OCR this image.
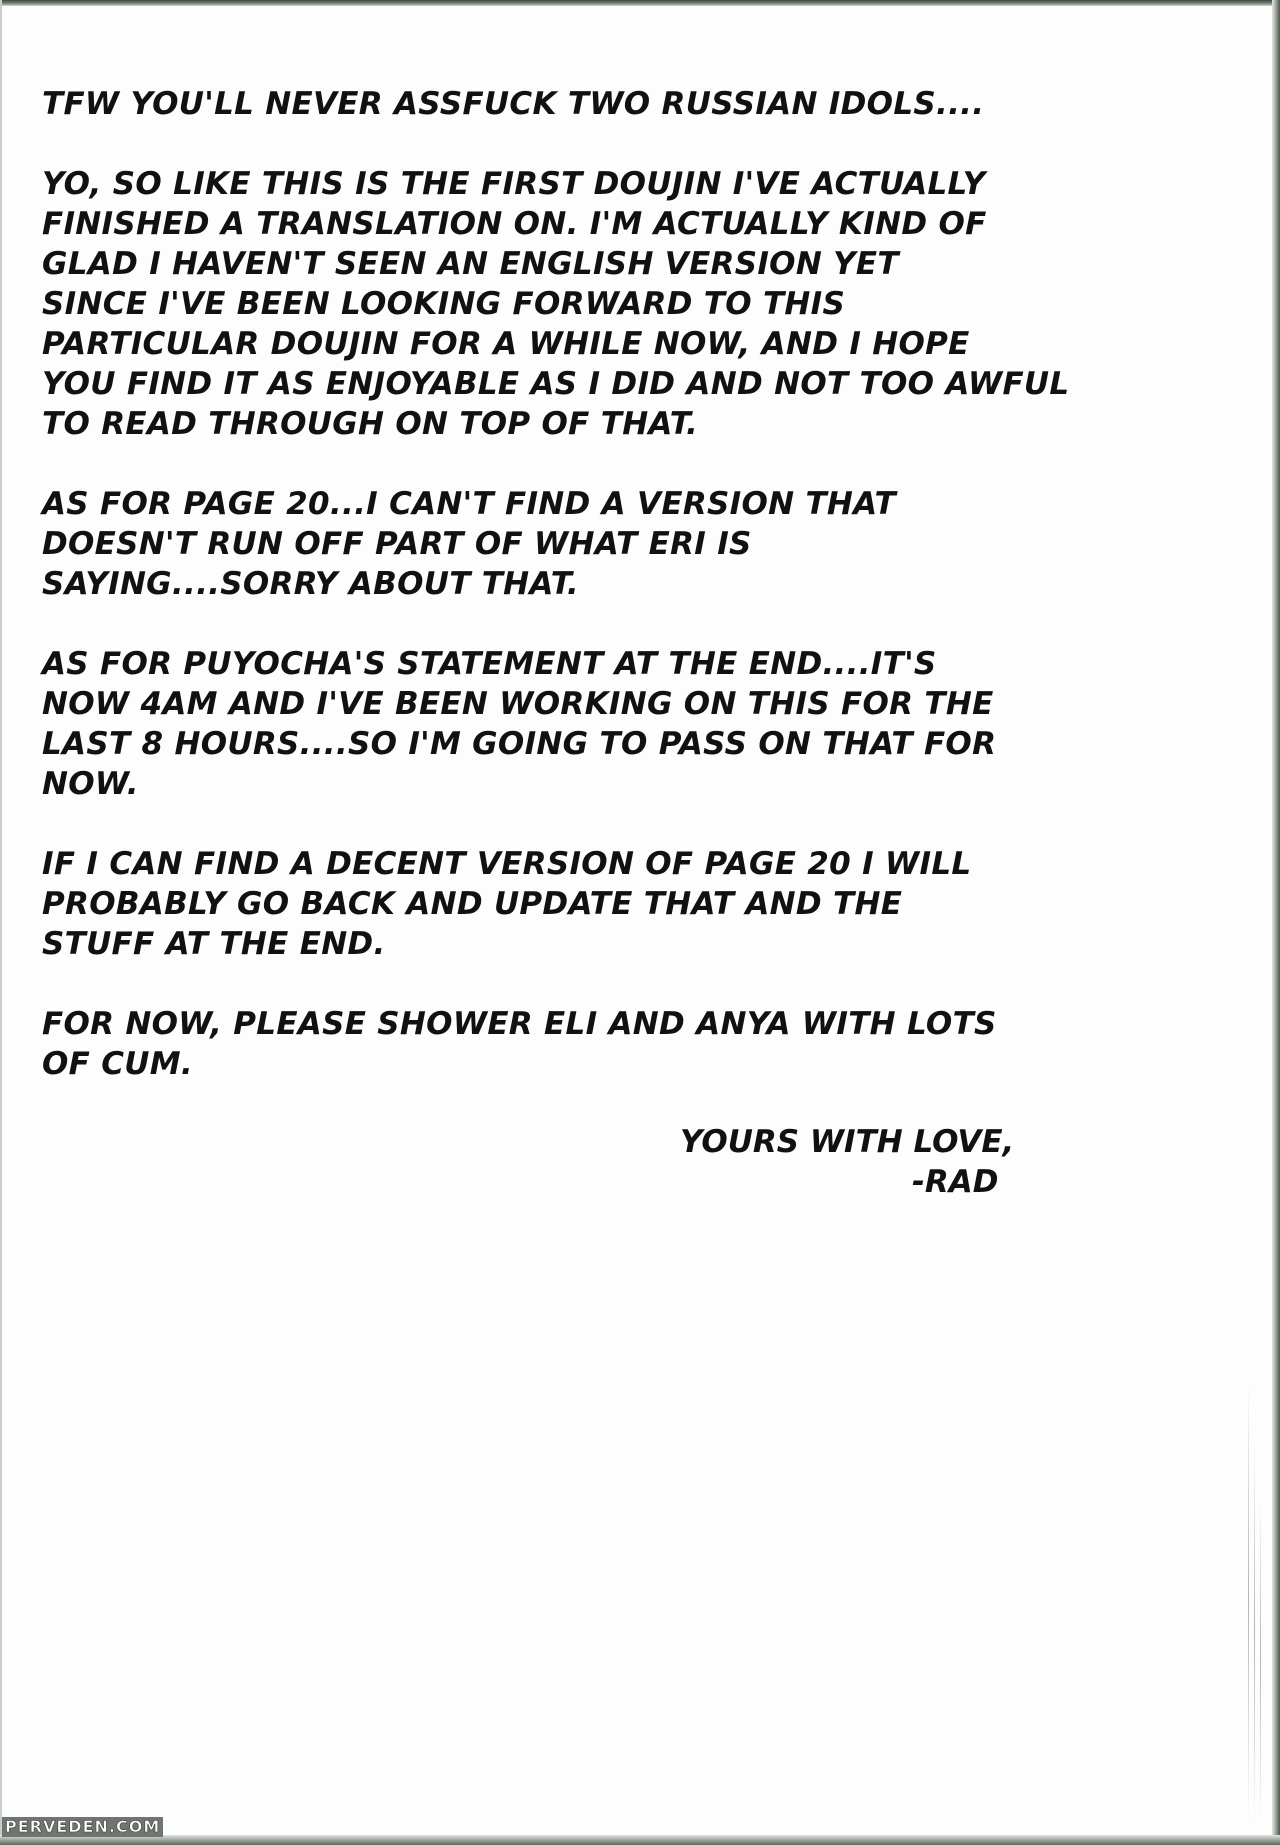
TFW YOU'LL NEVER ASSFUCK TWO RUSSIAN IDOLS....

YO, SO LIKE THIS IS THE FIRST DOUJIN I'VE ACTUALLY
FINISHED A TRANSLATION ON. I'M ACTUALLY KIND OF
GLAD I HAVEN'T SEEN AN ENGLISH VERSION YET
SINCE I'VE BEEN LOOKING FORWARD TO THIS
PARTICULAR DOUJIN FOR A WHILE NOW, AND I HOPE
YOU FIND IT AS ENJOYABLE AS I DID AND NOT TOO AWFUL
TO READ THROUGH ON TOP OF THAT.

AS FOR PAGE 20...I CAN'T FIND A VERSION THAT
DOESN'T RUN OFF PART OF WHAT ERI IS
SAYING....SORRY ABOUT THAT.

AS FOR PUYOCHA'S STATEMENT AT THE END....IT'S
NOW 4AM AND I'VE BEEN WORKING ON THIS FOR THE
LAST 8 HOURS....SO I'M GOING TO PASS ON THAT FOR
NOW.

IF I CAN FIND A DECENT VERSION OF PAGE 20 I WILL
PROBABLY GO BACK AND UPDATE THAT AND THE
STUFF AT THE END.

FOR NOW, PLEASE SHOWER ELI AND ANYA WITH LOTS
OF CUM.

YOURS WITH LOVE,
-RAD
PERVEDEN.COM
